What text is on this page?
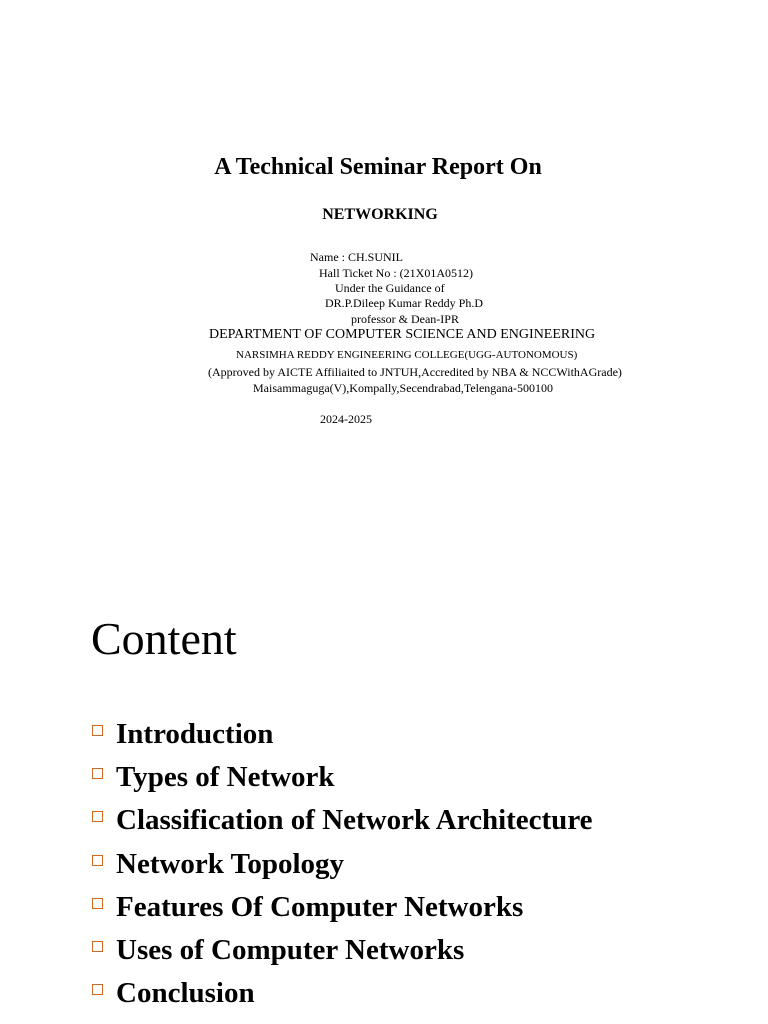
A Technical Seminar Report On
NETWORKING
Name : CH.SUNIL
Hall Ticket No : (21X01A0512)
Under the Guidance of
DR.P.Dileep Kumar Reddy Ph.D
professor & Dean-IPR
DEPARTMENT OF COMPUTER SCIENCE AND ENGINEERING
NARSIMHA REDDY ENGINEERING COLLEGE(UGG-AUTONOMOUS)
(Approved by AICTE Affiliaited to JNTUH,Accredited by NBA & NCCWithAGrade)
Maisammaguga(V),Kompally,Secendrabad,Telengana-500100
2024-2025
Content
Introduction
Types of Network
Classification of Network Architecture
Network Topology
Features Of Computer Networks
Uses of Computer Networks
Conclusion
